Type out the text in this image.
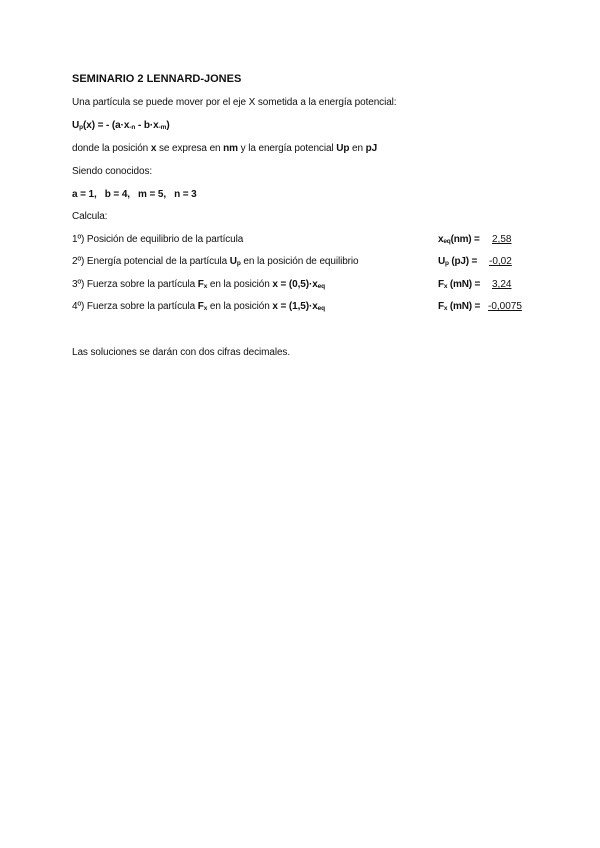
SEMINARIO 2 LENNARD-JONES
Una partícula se puede mover por el eje X sometida a la energía potencial:
$U_p(x)$ = - $(a\cdot x_{-n} - b\cdot x_{-m})$
donde la posición x se expresa en nm y la energía potencial Up en pJ
Siendo conocidos:
a = 1,   b = 4,   m = 5,   n = 3
Calcula:
1º) Posición de equilibrio de la partícula	$x_{eq}(nm) = 2,58$
2º) Energía potencial de la partícula $U_p$ en la posición de equilibrio	$U_p$ (pJ) = -0,02
3º) Fuerza sobre la partícula $F_x$ en la posición $x = (0,5)\cdot x_{eq}$	$F_x$ (mN) = 3,24
4º) Fuerza sobre la partícula $F_x$ en la posición $x = (1,5)\cdot x_{eq}$	$F_x$ (mN) = -0,0075
Las soluciones se darán con dos cifras decimales.
